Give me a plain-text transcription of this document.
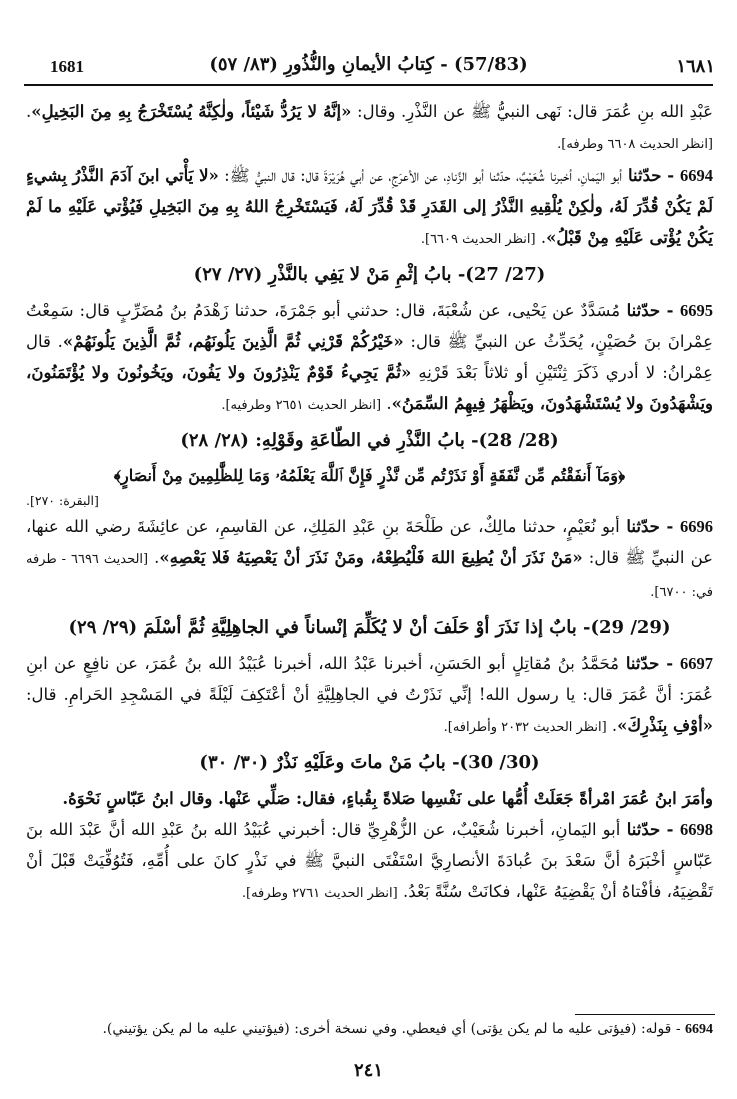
1681	(57/83) - كِتابُ الأيمانِ والنُّذُورِ (٨٣/ ٥٧)	١٦٨١

عَبْدِ الله بنِ عُمَرَ قال: نَهى النبيُّ ﷺ عن النَّذْرِ. وقال: «إنَّهُ لا يَرُدُّ شَيْئاً، ولٰكِنَّهُ يُسْتَخْرَجُ بِهِ مِنَ البَخِيلِ». [انظر الحديث ٦٦٠٨ وطرفه].

6694 - حدّثنا أبو اليَمانِ، أخبرنا شُعَيْبٌ، حدّثنا أبو الزِّنادِ، عن الأعرَجِ، عن أبي هُرَيْرَةَ قال: قال النبيُّ ﷺ: «لا يَأْتي ابنَ آدَمَ النَّذْرُ بِشيءٍ لَمْ يَكُنْ قُدِّرَ لَهُ، ولٰكِنْ يُلْقِيهِ النَّذْرُ إلى القَدَرِ قَدْ قُدِّرَ لَهُ، فَيَسْتَخْرِجُ اللهُ بِهِ مِنَ البَخِيلِ فَيُؤْتي عَلَيْهِ ما لَمْ يَكُنْ يُؤْتى عَلَيْهِ مِنْ قَبْلُ». [انظر الحديث ٦٦٠٩].

(27/ 27)- بابُ إثْمِ مَنْ لا يَفِي بالنَّذْرِ (٢٧/ ٢٧)

6695 - حدّثنا مُسَدَّدٌ عن يَحْيى، عن شُعْبَةَ، قال: حدثني أبو جَمْرَةَ، حدثنا زَهْدَمُ بنُ مُضَرِّبٍ قال: سَمِعْتُ عِمْرانَ بنَ حُصَيْنٍ، يُحَدِّثُ عن النبيِّ ﷺ قال: «خَيْرُكُمْ قَرْنِي ثُمَّ الَّذِينَ يَلُونَهُم، ثُمَّ الَّذِينَ يَلُونَهُمْ». قال عِمْرانُ: لا أدري ذَكَرَ ثِنْتَيْنِ أو ثلاثاً بَعْدَ قَرْنِهِ «ثُمَّ يَجِيءُ قَوْمٌ يَنْذِرُونَ ولا يَفُونَ، ويَخُونُونَ ولا يُؤْتَمَنُونَ، ويَشْهَدُونَ ولا يُسْتَشْهَدُونَ، ويَظْهَرُ فِيهِمُ السِّمَنُ». [انظر الحديث ٢٦٥١ وطرفيه].

(28/ 28)- بابُ النَّذْرِ في الطّاعَةِ وقَوْلِهِ: (٢٨/ ٢٨)
﴿وَمَآ أَنفَقْتُم مِّن نَّفَقَةٍ أَوْ نَذَرْتُم مِّن نَّذْرٍ فَإِنَّ ٱللَّهَ يَعْلَمُهُۥ وَمَا لِلظَّٰلِمِينَ مِنْ أَنصَارٍ﴾
[البقرة: ٢٧٠].

6696 - حدّثنا أبو نُعَيْمٍ، حدثنا مالِكٌ، عن طَلْحَةَ بنِ عَبْدِ المَلِكِ، عن القاسِمِ، عن عائِشَةَ رضي الله عنها، عن النبيِّ ﷺ قال: «مَنْ نَذَرَ أنْ يُطِيعَ اللهَ فَلْيُطِعْهُ، ومَنْ نَذَرَ أنْ يَعْصِيَهُ فَلا يَعْصِهِ». [الحديث ٦٦٩٦ - طرفه في: ٦٧٠٠].

(29/ 29)- بابٌ إذا نَذَرَ أوْ حَلَفَ أنْ لا يُكَلِّمَ إنْساناً في الجاهِلِيَّةِ ثُمَّ أسْلَمَ (٢٩/ ٢٩)

6697 - حدّثنا مُحَمَّدُ بنُ مُقاتِلٍ أبو الحَسَنِ، أخبرنا عَبْدُ الله، أخبرنا عُبَيْدُ الله بنُ عُمَرَ، عن نافِعٍ عن ابنِ عُمَرَ: أنَّ عُمَرَ قال: يا رسول الله! إنِّي نَذَرْتُ في الجاهِلِيَّةِ أنْ أعْتَكِفَ لَيْلَةً في المَسْجِدِ الحَرامِ. قال: «أوْفِ بِنَذْرِكَ». [انظر الحديث ٢٠٣٢ وأطرافه].

(30/ 30)- بابُ مَنْ ماتَ وعَلَيْهِ نَذْرٌ (٣٠/ ٣٠)

وأمَرَ ابنُ عُمَرَ امْرأةً جَعَلَتْ أُمُّها على نَفْسِها صَلاةً بِقُباءٍ، فقال: صَلِّي عَنْها. وقال ابنُ عَبّاسٍ نَحْوَهُ.

6698 - حدّثنا أبو اليَمانِ، أخبرنا شُعَيْبٌ، عن الزُّهْرِيِّ قال: أخبرني عُبَيْدُ الله بنُ عَبْدِ الله أنَّ عَبْدَ الله بنَ عَبّاسٍ أخْبَرَهُ أنَّ سَعْدَ بنَ عُبادَةَ الأنصارِيَّ اسْتَفْتَى النبيَّ ﷺ في نَذْرٍ كانَ على أُمِّهِ، فَتُوُفِّيَتْ قَبْلَ أنْ تَقْضِيَهُ، فأفْتاهُ أنْ يَقْضِيَهُ عَنْها، فكانَتْ سُنَّةً بَعْدُ. [انظر الحديث ٢٧٦١ وطرفه].

6694 - قوله: (فيؤتى عليه ما لم يكن يؤتى) أي فيعطي. وفي نسخة أخرى: (فيؤتيني عليه ما لم يكن يؤتيني).
٢٤١
